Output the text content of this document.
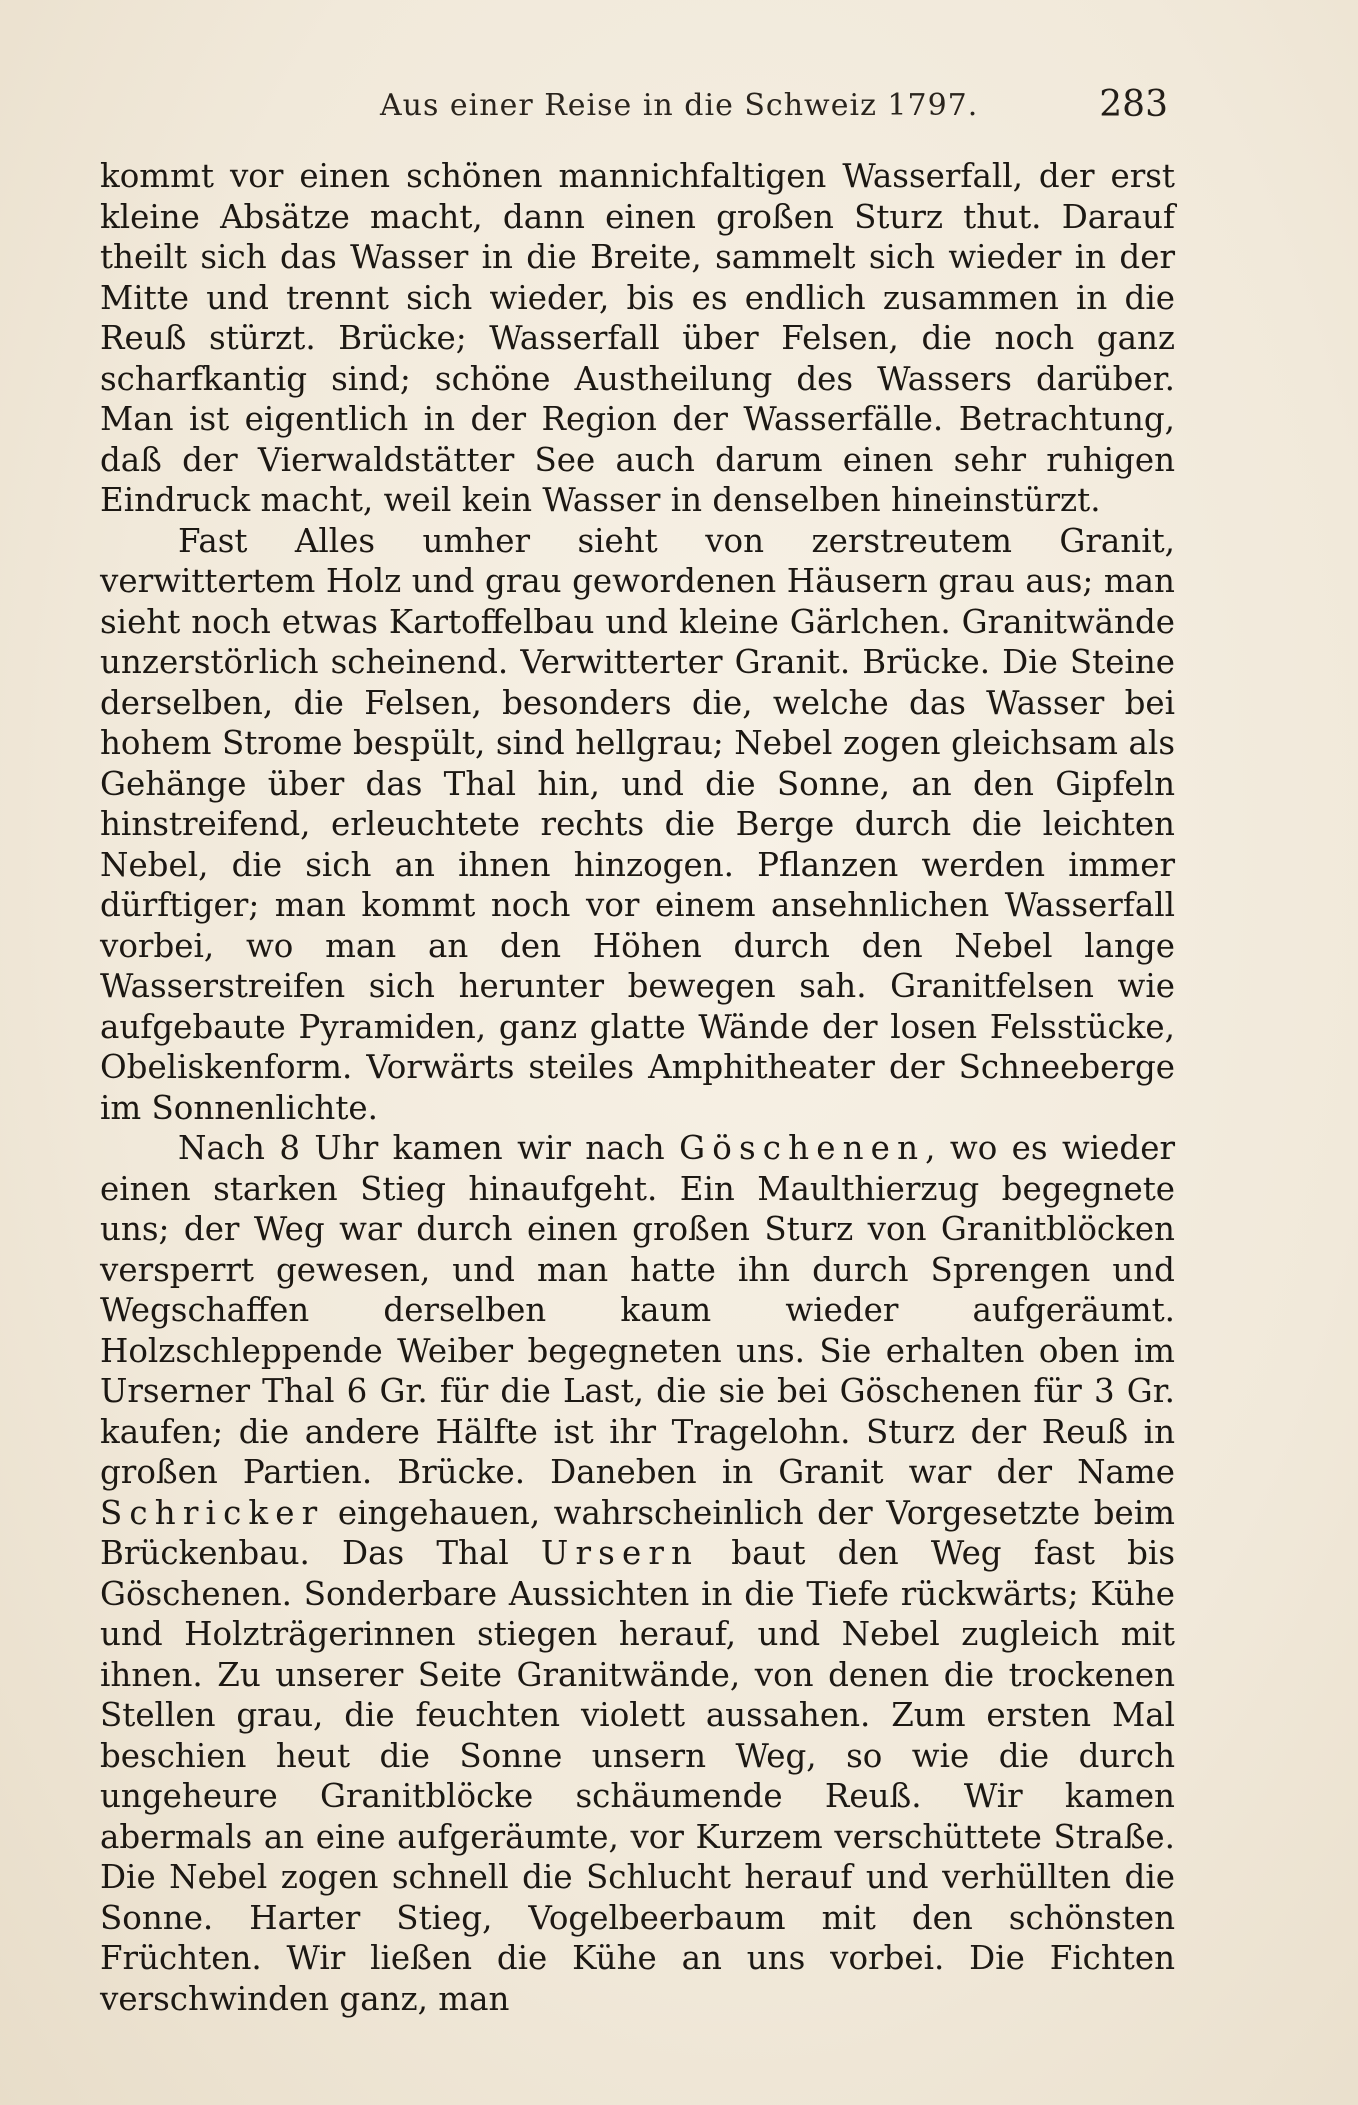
Aus einer Reise in die Schweiz 1797.	283

kommt vor einen schönen mannichfaltigen Wasserfall, der erst kleine Absätze macht, dann einen großen Sturz thut. Darauf theilt sich das Wasser in die Breite, sammelt sich wieder in der Mitte und trennt sich wieder, bis es endlich zusammen in die Reuß stürzt. Brücke; Wasserfall über Felsen, die noch ganz scharfkantig sind; schöne Austheilung des Wassers darüber. Man ist eigentlich in der Region der Wasserfälle. Betrachtung, daß der Vierwaldstätter See auch darum einen sehr ruhigen Eindruck macht, weil kein Wasser in denselben hineinstürzt.

Fast Alles umher sieht von zerstreutem Granit, verwittertem Holz und grau gewordenen Häusern grau aus; man sieht noch etwas Kartoffelbau und kleine Gärlchen. Granitwände unzerstörlich scheinend. Verwitterter Granit. Brücke. Die Steine derselben, die Felsen, besonders die, welche das Wasser bei hohem Strome bespült, sind hellgrau; Nebel zogen gleichsam als Gehänge über das Thal hin, und die Sonne, an den Gipfeln hinstreifend, erleuchtete rechts die Berge durch die leichten Nebel, die sich an ihnen hinzogen. Pflanzen werden immer dürftiger; man kommt noch vor einem ansehnlichen Wasserfall vorbei, wo man an den Höhen durch den Nebel lange Wasserstreifen sich herunter bewegen sah. Granitfelsen wie aufgebaute Pyramiden, ganz glatte Wände der losen Felsstücke, Obeliskenform. Vorwärts steiles Amphitheater der Schneeberge im Sonnenlichte.

Nach 8 Uhr kamen wir nach Göschenen, wo es wieder einen starken Stieg hinaufgeht. Ein Maulthierzug begegnete uns; der Weg war durch einen großen Sturz von Granitblöcken versperrt gewesen, und man hatte ihn durch Sprengen und Wegschaffen derselben kaum wieder aufgeräumt. Holzschleppende Weiber begegneten uns. Sie erhalten oben im Urserner Thal 6 Gr. für die Last, die sie bei Göschenen für 3 Gr. kaufen; die andere Hälfte ist ihr Tragelohn. Sturz der Reuß in großen Partien. Brücke. Daneben in Granit war der Name Schricker eingehauen, wahrscheinlich der Vorgesetzte beim Brückenbau. Das Thal Ursern baut den Weg fast bis Göschenen. Sonderbare Aussichten in die Tiefe rückwärts; Kühe und Holzträgerinnen stiegen herauf, und Nebel zugleich mit ihnen. Zu unserer Seite Granitwände, von denen die trockenen Stellen grau, die feuchten violett aussahen. Zum ersten Mal beschien heut die Sonne unsern Weg, so wie die durch ungeheure Granitblöcke schäumende Reuß. Wir kamen abermals an eine aufgeräumte, vor Kurzem verschüttete Straße. Die Nebel zogen schnell die Schlucht herauf und verhüllten die Sonne. Harter Stieg, Vogelbeerbaum mit den schönsten Früchten. Wir ließen die Kühe an uns vorbei. Die Fichten verschwinden ganz, man
